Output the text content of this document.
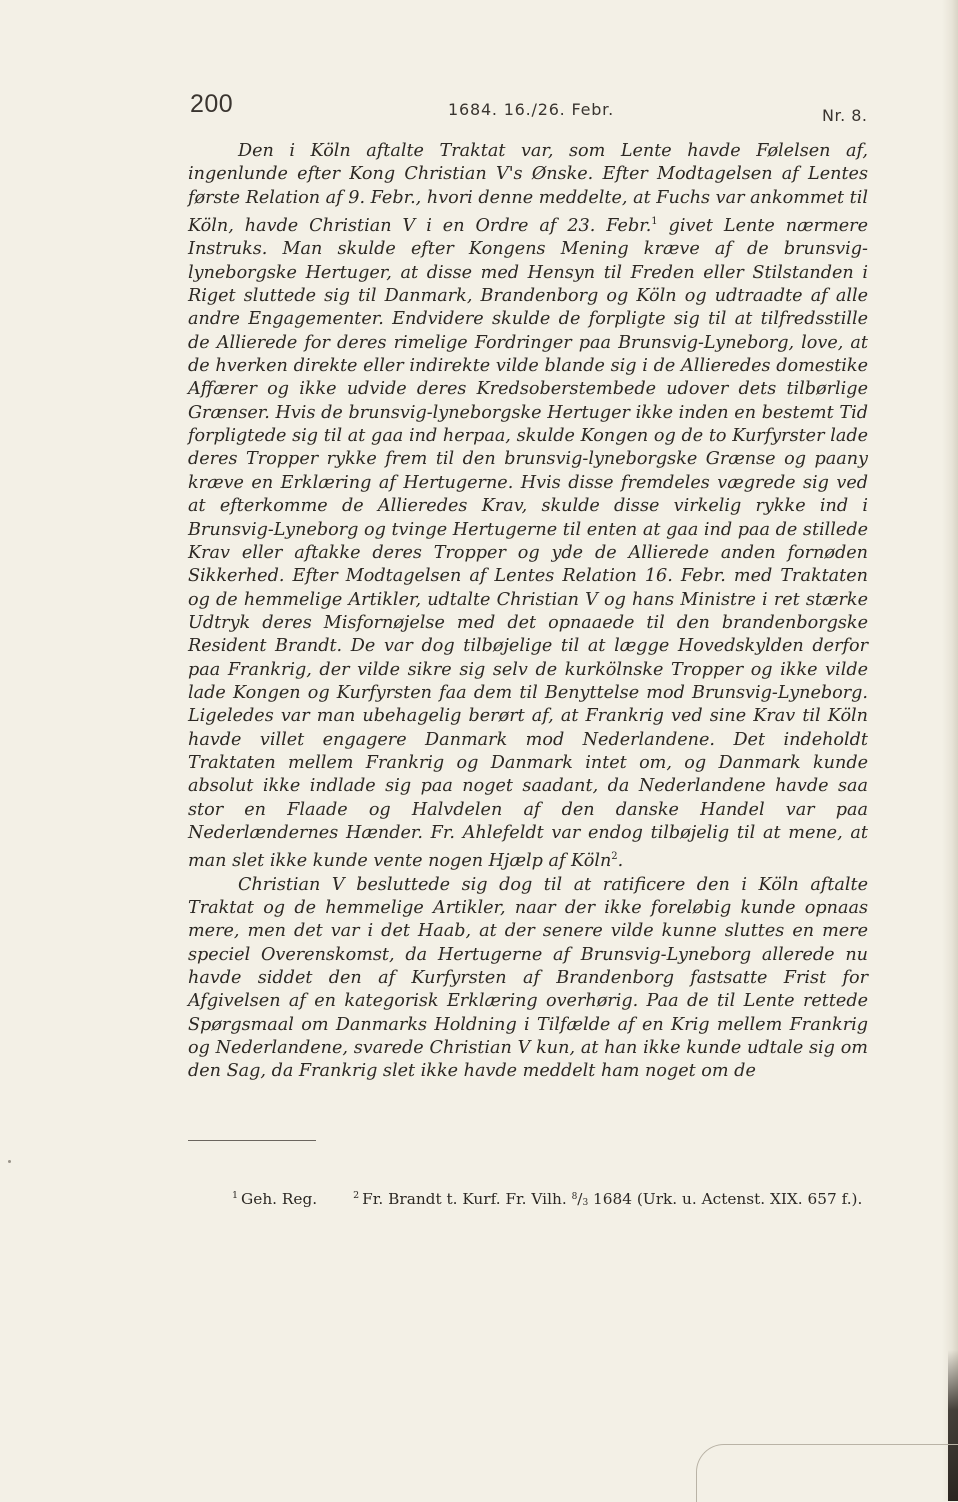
200	1684. 16./26. Febr.	Nr. 8.

Den i Köln aftalte Traktat var, som Lente havde Følelsen af, ingenlunde efter Kong Christian V's Ønske. Efter Modtagelsen af Lentes første Relation af 9. Febr., hvori denne meddelte, at Fuchs var ankommet til Köln, havde Christian V i en Ordre af 23. Febr.$^1$ givet Lente nærmere Instruks. Man skulde efter Kongens Mening kræve af de brunsvig-lyneborgske Hertuger, at disse med Hensyn til Freden eller Stilstanden i Riget sluttede sig til Danmark, Brandenborg og Köln og udtraadte af alle andre Engagementer. Endvidere skulde de forpligte sig til at tilfredsstille de Allierede for deres rimelige Fordringer paa Brunsvig-Lyneborg, love, at de hverken direkte eller indirekte vilde blande sig i de Allieredes domestike Affærer og ikke udvide deres Kredsoberstembede udover dets tilbørlige Grænser. Hvis de brunsvig-lyneborgske Hertuger ikke inden en bestemt Tid forpligtede sig til at gaa ind herpaa, skulde Kongen og de to Kurfyrster lade deres Tropper rykke frem til den brunsvig-lyneborgske Grænse og paany kræve en Erklæring af Hertugerne. Hvis disse fremdeles vægrede sig ved at efterkomme de Allieredes Krav, skulde disse virkelig rykke ind i Brunsvig-Lyneborg og tvinge Hertugerne til enten at gaa ind paa de stillede Krav eller aftakke deres Tropper og yde de Allierede anden fornøden Sikkerhed. Efter Modtagelsen af Lentes Relation 16. Febr. med Traktaten og de hemmelige Artikler, udtalte Christian V og hans Ministre i ret stærke Udtryk deres Misfornøjelse med det opnaaede til den brandenborgske Resident Brandt. De var dog tilbøjelige til at lægge Hovedskylden derfor paa Frankrig, der vilde sikre sig selv de kurkölnske Tropper og ikke vilde lade Kongen og Kurfyrsten faa dem til Benyttelse mod Brunsvig-Lyneborg. Ligeledes var man ubehagelig berørt af, at Frankrig ved sine Krav til Köln havde villet engagere Danmark mod Nederlandene. Det indeholdt Traktaten mellem Frankrig og Danmark intet om, og Danmark kunde absolut ikke indlade sig paa noget saadant, da Nederlandene havde saa stor en Flaade og Halvdelen af den danske Handel var paa Nederlændernes Hænder. Fr. Ahlefeldt var endog tilbøjelig til at mene, at man slet ikke kunde vente nogen Hjælp af Köln$^2$.

Christian V besluttede sig dog til at ratificere den i Köln aftalte Traktat og de hemmelige Artikler, naar der ikke foreløbig kunde opnaas mere, men det var i det Haab, at der senere vilde kunne sluttes en mere speciel Overenskomst, da Hertugerne af Brunsvig-Lyneborg allerede nu havde siddet den af Kurfyrsten af Brandenborg fastsatte Frist for Afgivelsen af en kategorisk Erklæring overhørig. Paa de til Lente rettede Spørgsmaal om Danmarks Holdning i Tilfælde af en Krig mellem Frankrig og Nederlandene, svarede Christian V kun, at han ikke kunde udtale sig om den Sag, da Frankrig slet ikke havde meddelt ham noget om de

$^1$ Geh. Reg.	$^2$ Fr. Brandt t. Kurf. Fr. Vilh. $^8$/3 1684 (Urk. u. Actenst. XIX. 657 f.).
